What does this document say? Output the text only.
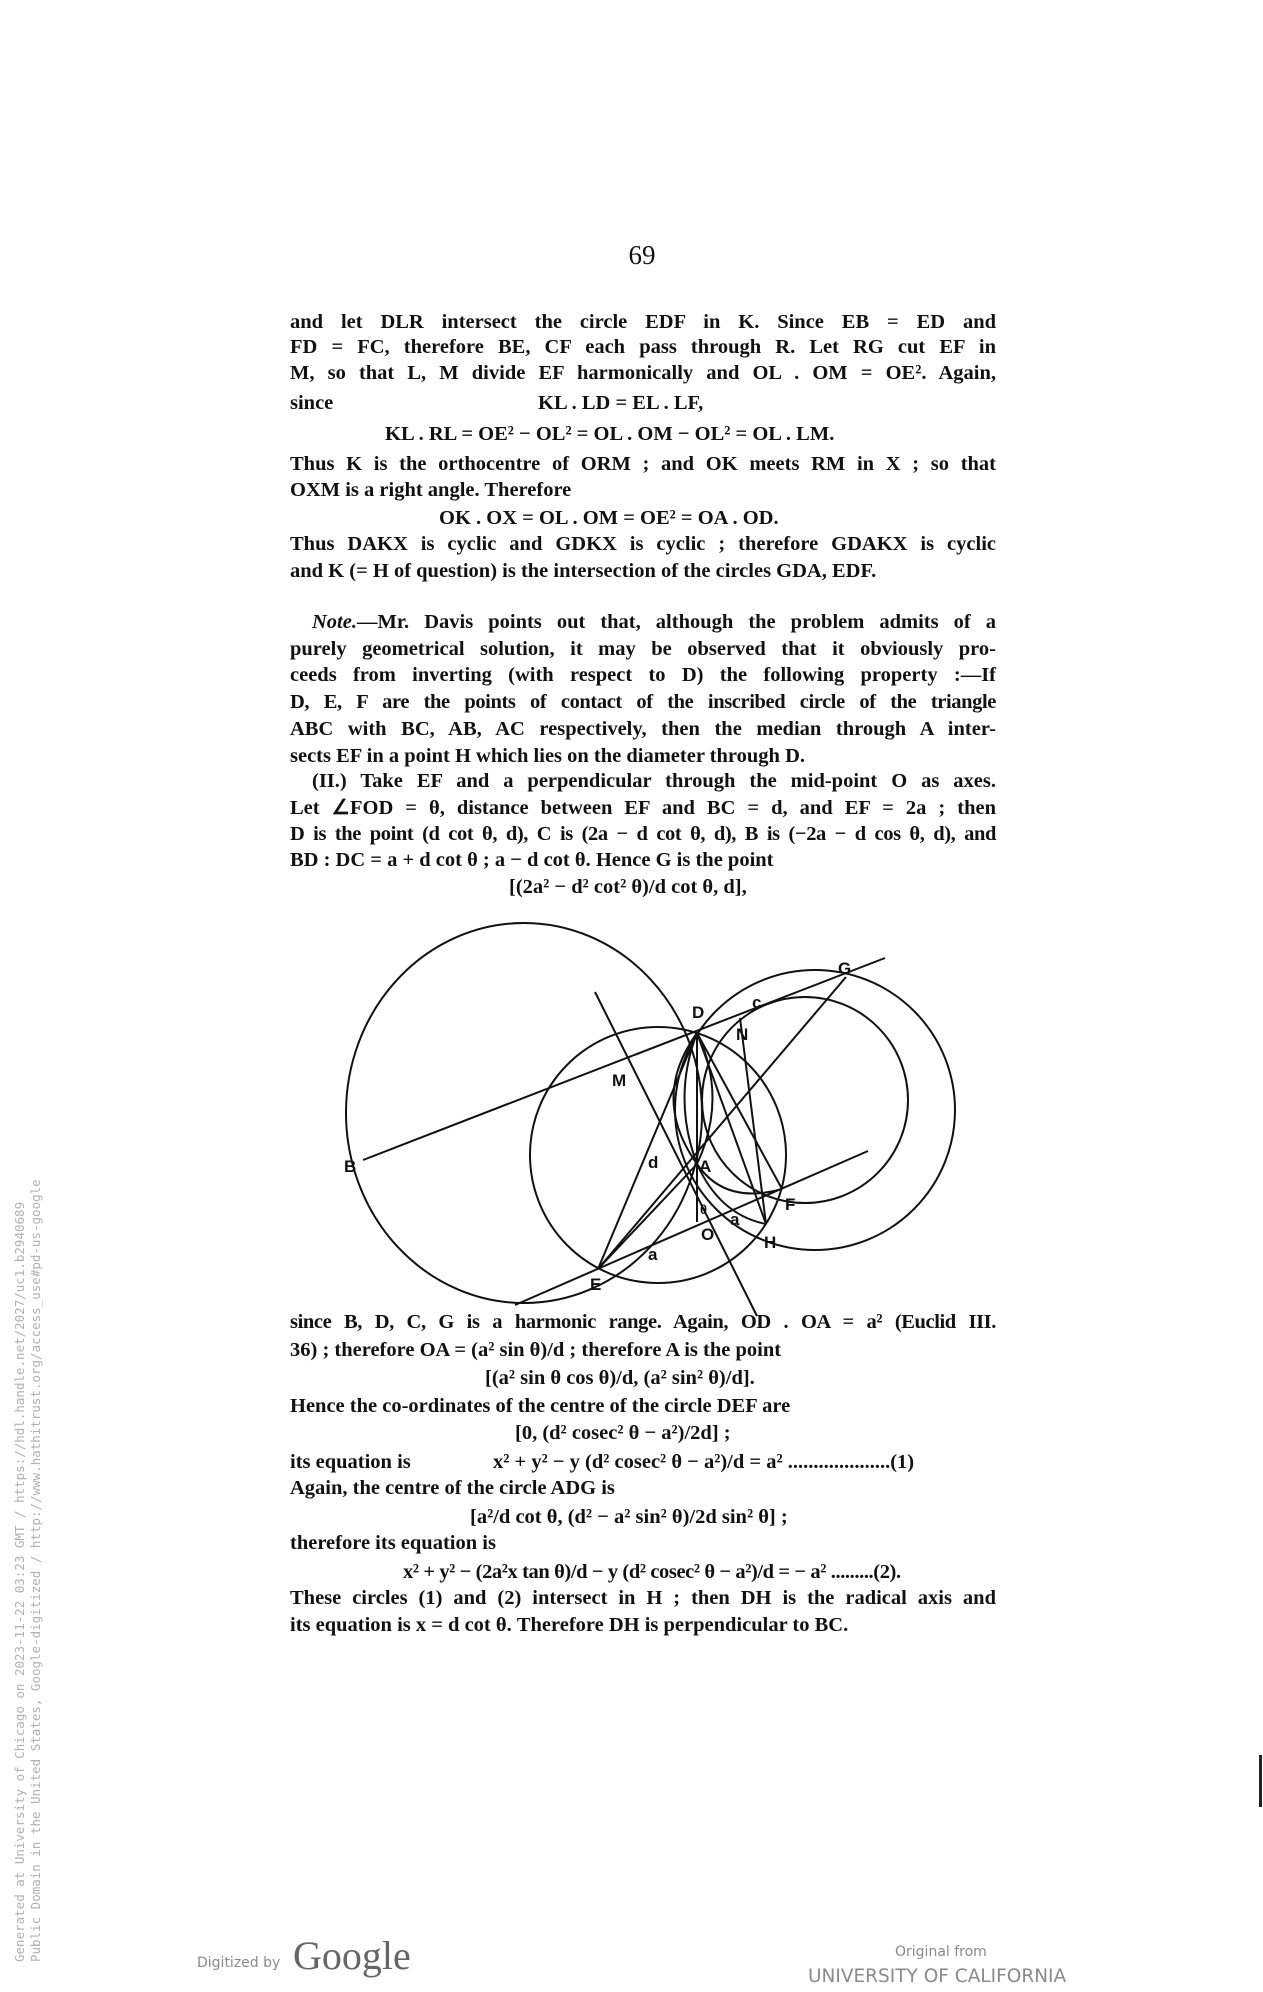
69
and let DLR intersect the circle EDF in K. Since EB = ED and
FD = FC, therefore BE, CF each pass through R. Let RG cut EF in
M, so that L, M divide EF harmonically and OL . OM = OE². Again,
since	KL . LD = EL . LF,
KL . RL = OE² − OL² = OL . OM − OL² = OL . LM.
Thus K is the orthocentre of ORM ; and OK meets RM in X ; so that
OXM is a right angle. Therefore
OK . OX = OL . OM = OE² = OA . OD.
Thus DAKX is cyclic and GDKX is cyclic ; therefore GDAKX is cyclic
and K (= H of question) is the intersection of the circles GDA, EDF.
Note.—Mr. Davis points out that, although the problem admits of a
purely geometrical solution, it may be observed that it obviously pro-
ceeds from inverting (with respect to D) the following property :—If
D, E, F are the points of contact of the inscribed circle of the triangle
ABC with BC, AB, AC respectively, then the median through A inter-
sects EF in a point H which lies on the diameter through D.
(II.) Take EF and a perpendicular through the mid-point O as axes.
Let ∠FOD = θ, distance between EF and BC = d, and EF = 2a ; then
D is the point (d cot θ, d), C is (2a − d cot θ, d), B is (−2a − d cos θ, d), and
BD : DC = a + d cot θ ; a − d cot θ. Hence G is the point
[(2a² − d² cot² θ)/d cot θ, d],
since B, D, C, G is a harmonic range. Again, OD . OA = a² (Euclid III.
36) ; therefore OA = (a² sin θ)/d ; therefore A is the point
[(a² sin θ cos θ)/d, (a² sin² θ)/d].
Hence the co-ordinates of the centre of the circle DEF are
[0, (d² cosec² θ − a²)/2d] ;
its equation is	x² + y² − y (d² cosec² θ − a²)/d = a² ....................(1)
Again, the centre of the circle ADG is
[a²/d cot θ, (d² − a² sin² θ)/2d sin² θ] ;
therefore its equation is
x² + y² − (2a²x tan θ)/d − y (d² cosec² θ − a²)/d = − a² .........(2).
These circles (1) and (2) intersect in H ; then DH is the radical axis and
its equation is x = d cot θ. Therefore DH is perpendicular to BC.
B
D
G
c
N
M
d A
F
θ
O
a
a
H
E
Generated at University of Chicago on 2023-11-22 03:23 GMT / https://hdl.handle.net/2027/uc1.b2940689 Public Domain in the United States, Google-digitized / http://www.hathitrust.org/access_use#pd-us-google
Digitized by Google	Original from
UNIVERSITY OF CALIFORNIA
